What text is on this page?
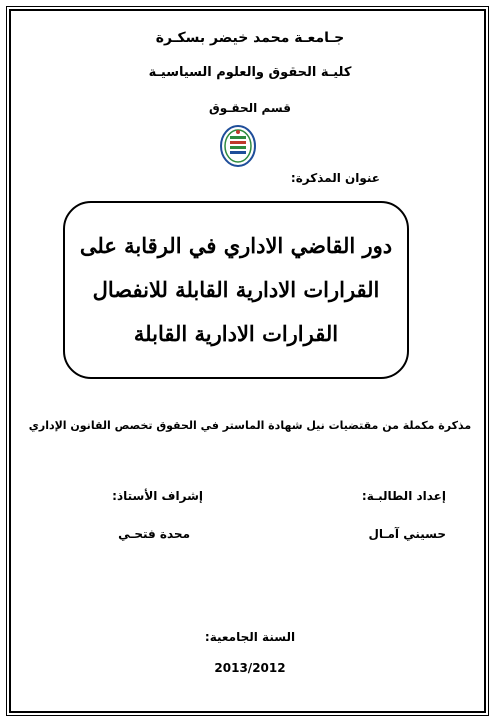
جـامعـة محمد خيضر بسكـرة
كليـة الحقوق والعلوم السياسيـة
قسم الحقـوق
عنوان المذكرة:
دور القاضي الاداري في الرقابة على
القرارات الادارية القابلة للانفصال
القرارات الادارية القابلة
مذكرة مكملة من مقتضيات نيل شهادة الماستر في الحقوق تخصص القانون الإداري
إعداد الطالبـة:
إشراف الأستاذ:
حسيني آمـال
محدة فتحـي
السنة الجامعية:
2013/2012
